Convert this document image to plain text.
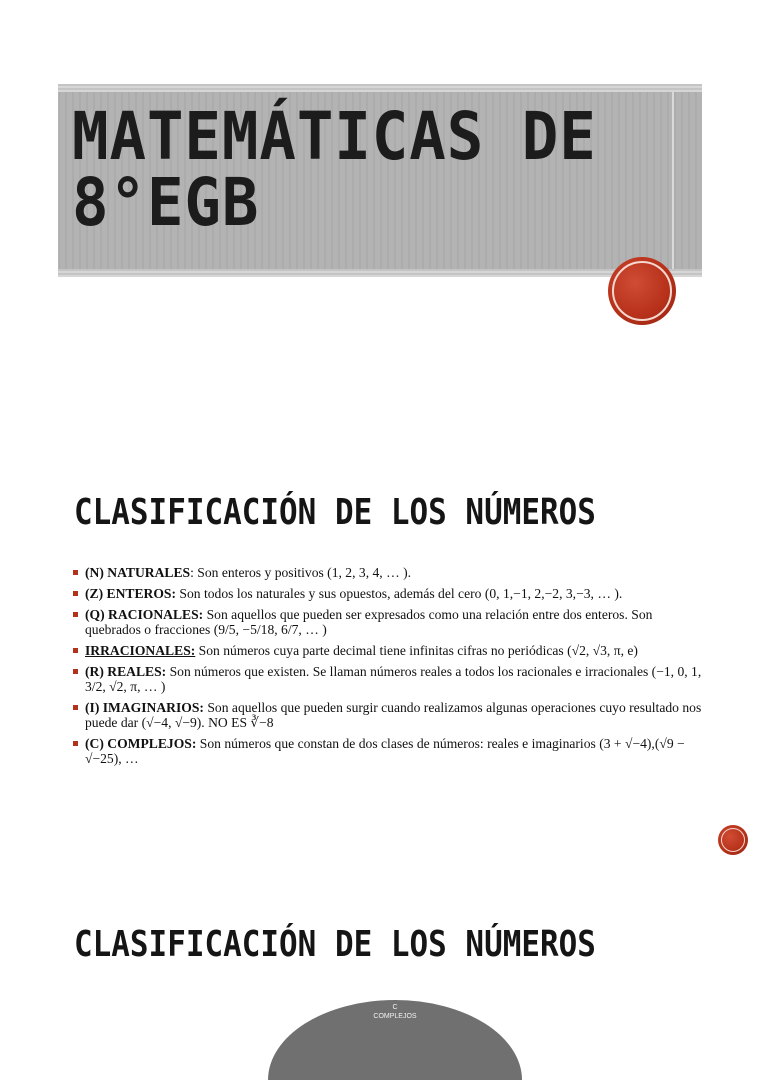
MATEMÁTICAS DE
8°EGB
CLASIFICACIÓN DE LOS NÚMEROS
(N) NATURALES: Son enteros y positivos (1, 2, 3, 4, … ).
(Z) ENTEROS: Son todos los naturales y sus opuestos, además del cero (0, 1,−1, 2,−2, 3,−3, … ).
(Q) RACIONALES: Son aquellos que pueden ser expresados como una relación entre dos enteros. Son quebrados o fracciones (9/5, −5/18, 6/7, … )
IRRACIONALES: Son números cuya parte decimal tiene infinitas cifras no periódicas (√2, √3, π, e)
(R) REALES: Son números que existen. Se llaman números reales a todos los racionales e irracionales (−1, 0, 1, 3/2, √2, π, … )
(I) IMAGINARIOS: Son aquellos que pueden surgir cuando realizamos algunas operaciones cuyo resultado nos puede dar (√−4, √−9). NO ES ∛−8
(C) COMPLEJOS: Son números que constan de dos clases de números: reales e imaginarios (3 + √−4),(√9 − √−25), …
CLASIFICACIÓN DE LOS NÚMEROS
C
COMPLEJOS
